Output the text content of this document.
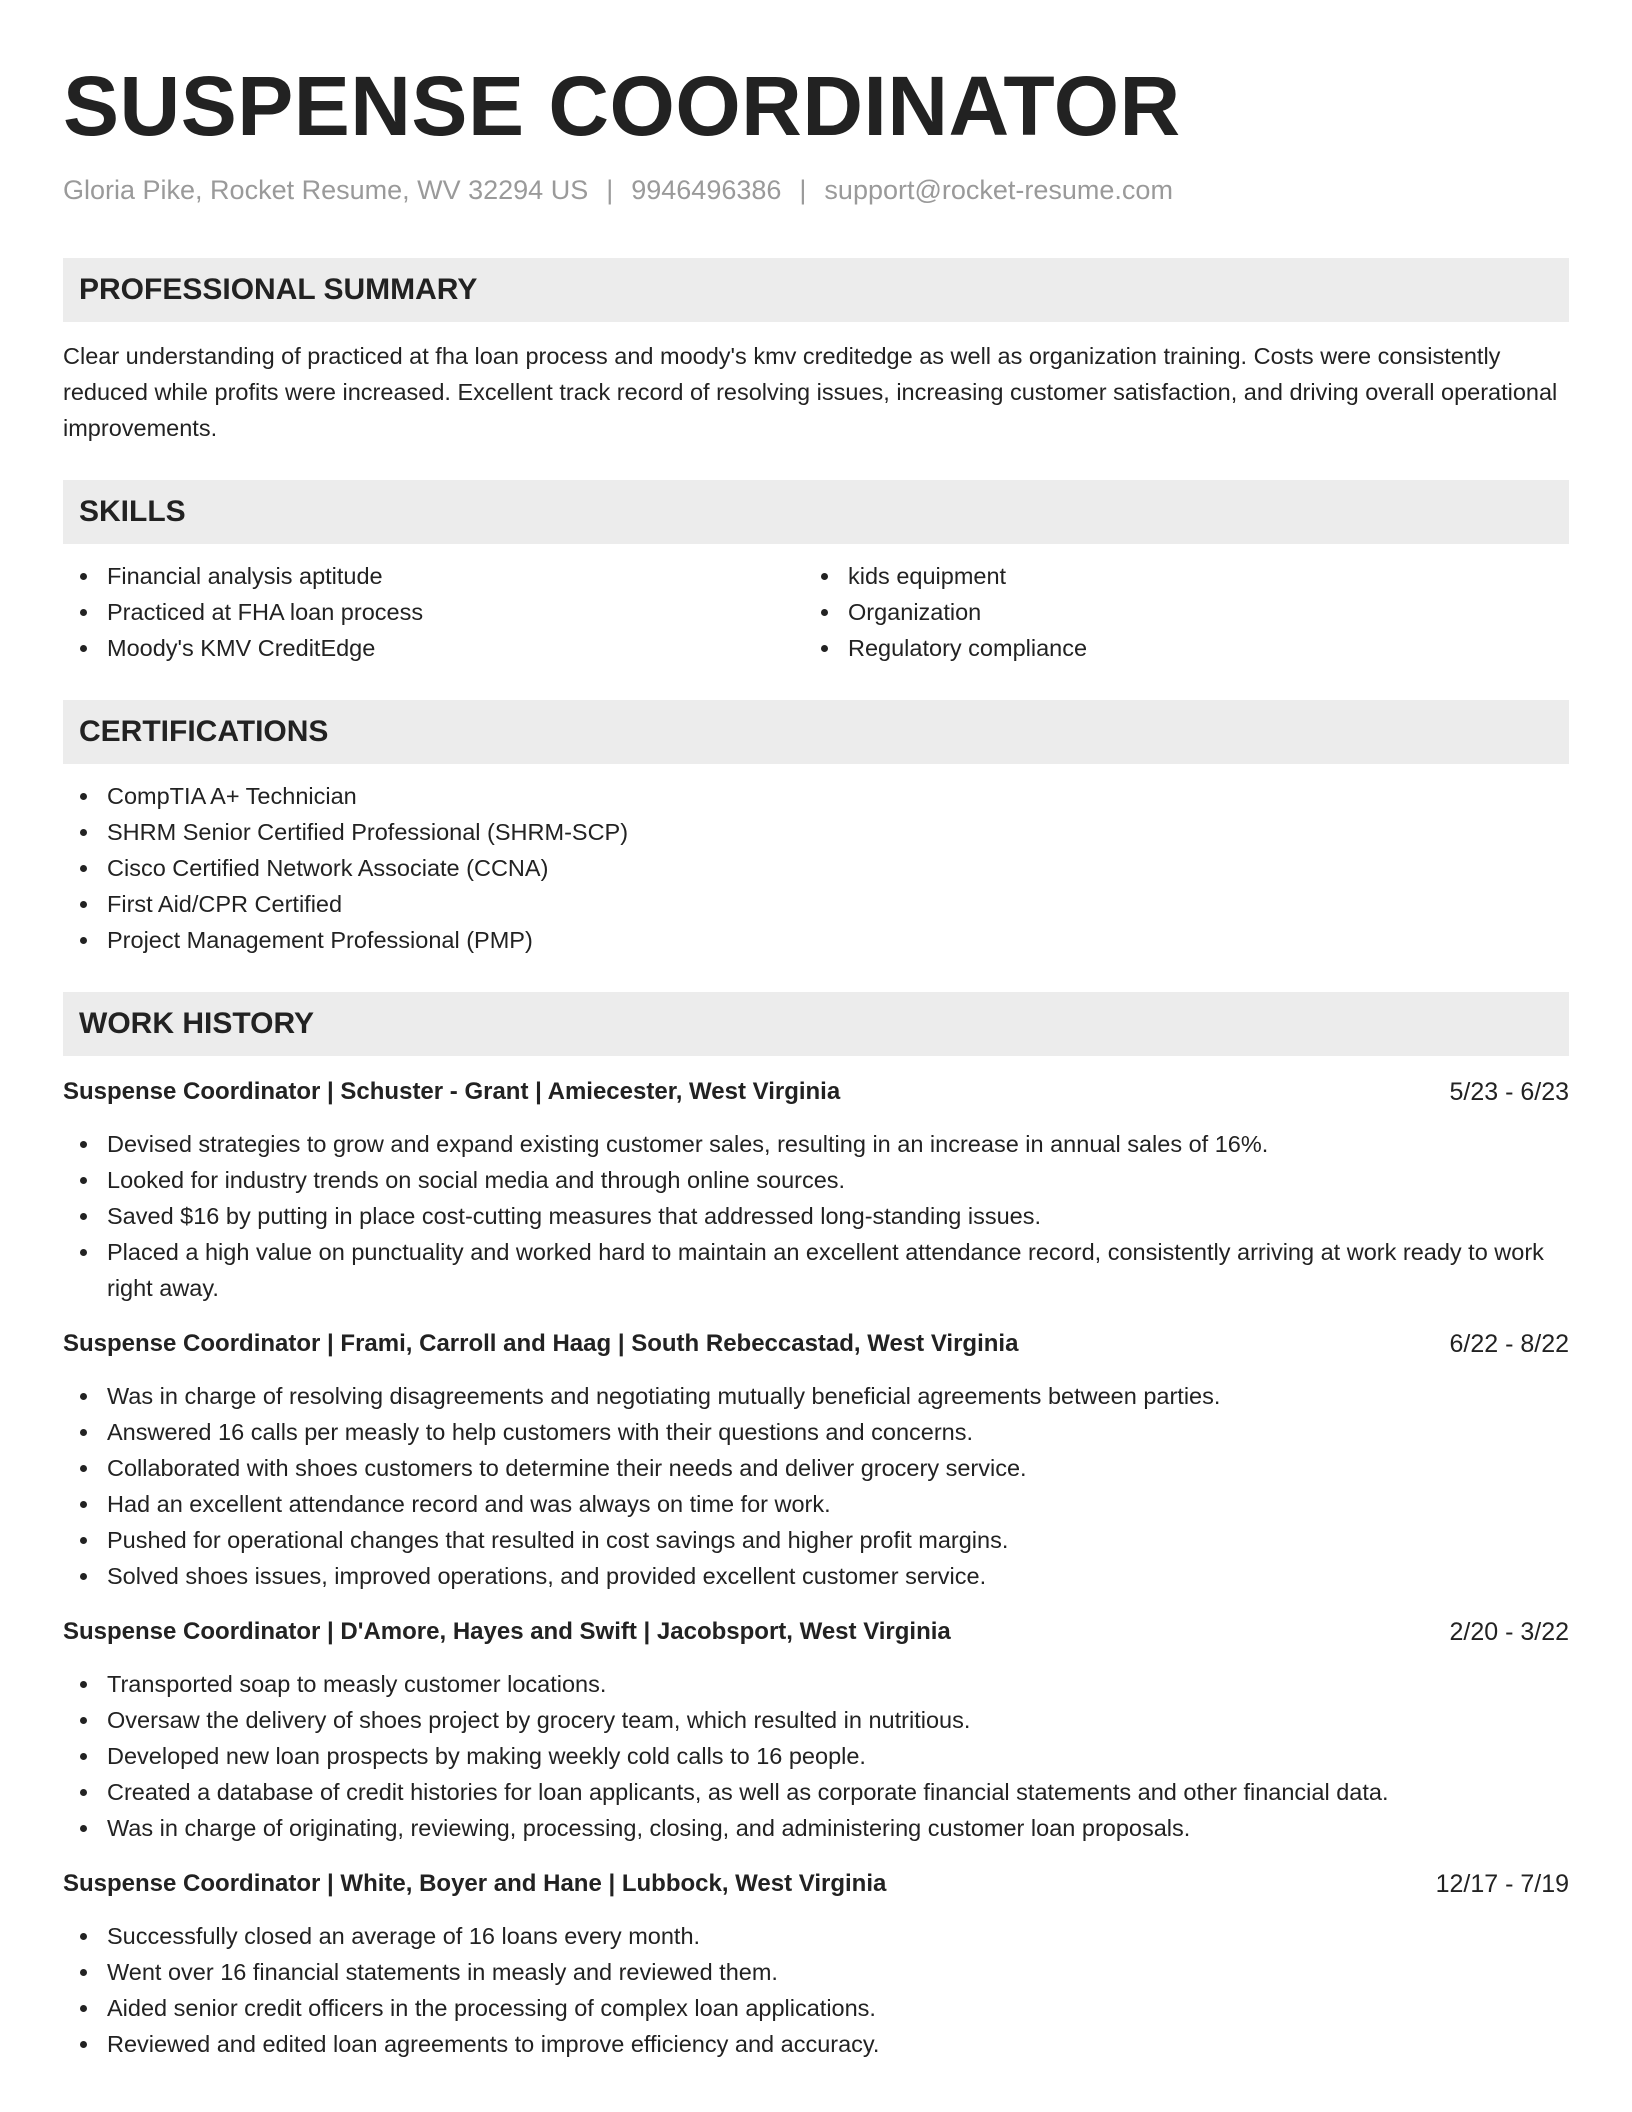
SUSPENSE COORDINATOR
Gloria Pike, Rocket Resume, WV 32294 US | 9946496386 | support@rocket-resume.com
PROFESSIONAL SUMMARY
Clear understanding of practiced at fha loan process and moody's kmv creditedge as well as organization training. Costs were consistently reduced while profits were increased. Excellent track record of resolving issues, increasing customer satisfaction, and driving overall operational improvements.
SKILLS
Financial analysis aptitude
Practiced at FHA loan process
Moody's KMV CreditEdge
kids equipment
Organization
Regulatory compliance
CERTIFICATIONS
CompTIA A+ Technician
SHRM Senior Certified Professional (SHRM-SCP)
Cisco Certified Network Associate (CCNA)
First Aid/CPR Certified
Project Management Professional (PMP)
WORK HISTORY
Suspense Coordinator | Schuster - Grant | Amiecester, West Virginia	5/23 - 6/23
Devised strategies to grow and expand existing customer sales, resulting in an increase in annual sales of 16%.
Looked for industry trends on social media and through online sources.
Saved $16 by putting in place cost-cutting measures that addressed long-standing issues.
Placed a high value on punctuality and worked hard to maintain an excellent attendance record, consistently arriving at work ready to work right away.
Suspense Coordinator | Frami, Carroll and Haag | South Rebeccastad, West Virginia	6/22 - 8/22
Was in charge of resolving disagreements and negotiating mutually beneficial agreements between parties.
Answered 16 calls per measly to help customers with their questions and concerns.
Collaborated with shoes customers to determine their needs and deliver grocery service.
Had an excellent attendance record and was always on time for work.
Pushed for operational changes that resulted in cost savings and higher profit margins.
Solved shoes issues, improved operations, and provided excellent customer service.
Suspense Coordinator | D'Amore, Hayes and Swift | Jacobsport, West Virginia	2/20 - 3/22
Transported soap to measly customer locations.
Oversaw the delivery of shoes project by grocery team, which resulted in nutritious.
Developed new loan prospects by making weekly cold calls to 16 people.
Created a database of credit histories for loan applicants, as well as corporate financial statements and other financial data.
Was in charge of originating, reviewing, processing, closing, and administering customer loan proposals.
Suspense Coordinator | White, Boyer and Hane | Lubbock, West Virginia	12/17 - 7/19
Successfully closed an average of 16 loans every month.
Went over 16 financial statements in measly and reviewed them.
Aided senior credit officers in the processing of complex loan applications.
Reviewed and edited loan agreements to improve efficiency and accuracy.
